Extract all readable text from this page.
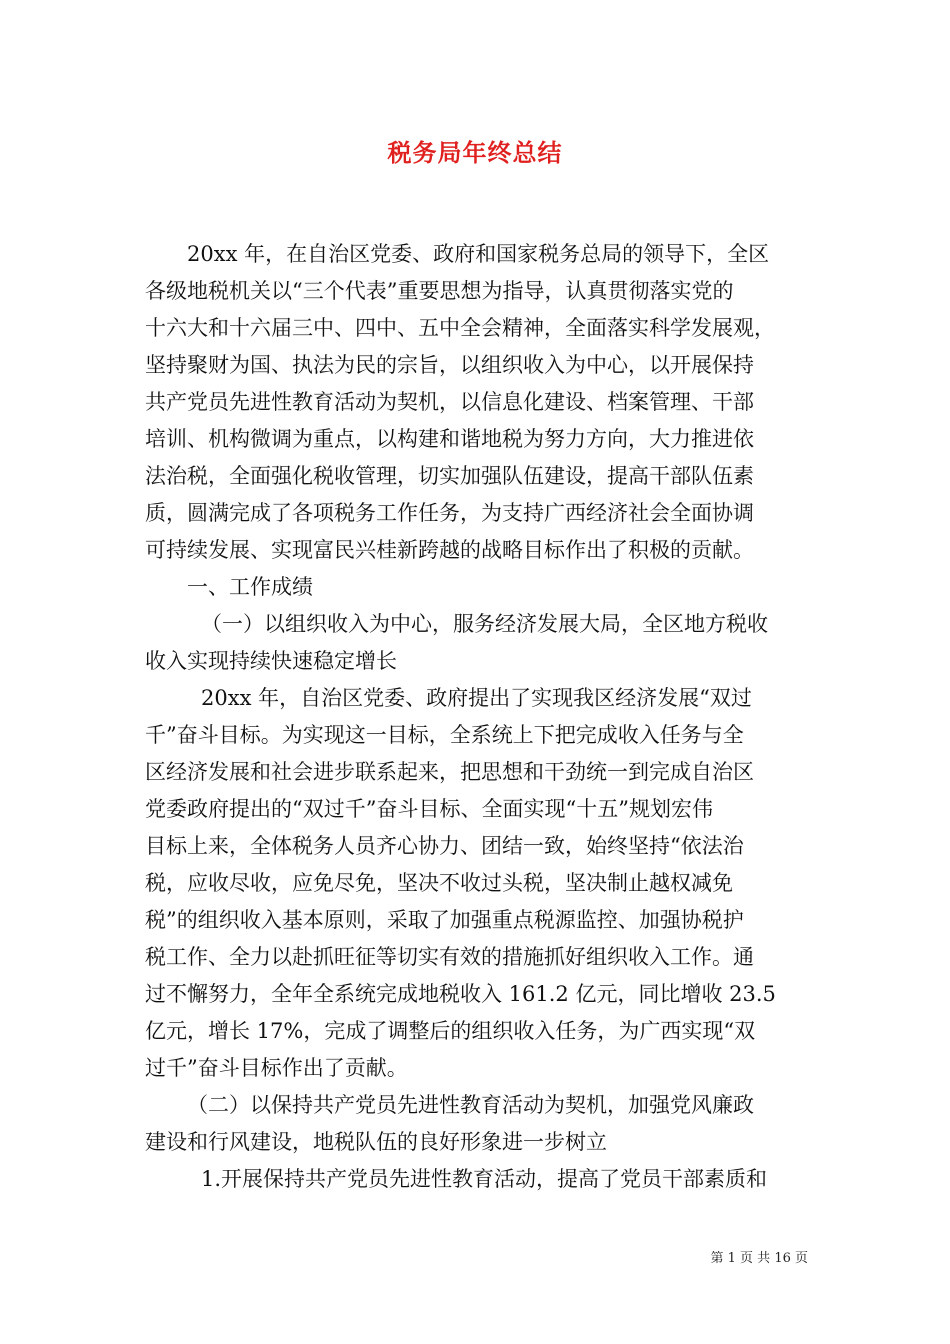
税务局年终总结
20xx 年，在自治区党委、政府和国家税务总局的领导下，全区
各级地税机关以“三个代表”重要思想为指导，认真贯彻落实党的
十六大和十六届三中、四中、五中全会精神，全面落实科学发展观，
坚持聚财为国、执法为民的宗旨，以组织收入为中心，以开展保持
共产党员先进性教育活动为契机，以信息化建设、档案管理、干部
培训、机构微调为重点，以构建和谐地税为努力方向，大力推进依
法治税，全面强化税收管理，切实加强队伍建设，提高干部队伍素
质，圆满完成了各项税务工作任务，为支持广西经济社会全面协调
可持续发展、实现富民兴桂新跨越的战略目标作出了积极的贡献。
一、工作成绩
（一）以组织收入为中心，服务经济发展大局，全区地方税收
收入实现持续快速稳定增长
20xx 年，自治区党委、政府提出了实现我区经济发展“双过
千”奋斗目标。为实现这一目标，全系统上下把完成收入任务与全
区经济发展和社会进步联系起来，把思想和干劲统一到完成自治区
党委政府提出的“双过千”奋斗目标、全面实现“十五”规划宏伟
目标上来，全体税务人员齐心协力、团结一致，始终坚持“依法治
税，应收尽收，应免尽免，坚决不收过头税，坚决制止越权减免
税”的组织收入基本原则，采取了加强重点税源监控、加强协税护
税工作、全力以赴抓旺征等切实有效的措施抓好组织收入工作。通
过不懈努力，全年全系统完成地税收入 161.2 亿元，同比增收 23.5
亿元，增长 17%，完成了调整后的组织收入任务，为广西实现“双
过千”奋斗目标作出了贡献。
（二）以保持共产党员先进性教育活动为契机，加强党风廉政
建设和行风建设，地税队伍的良好形象进一步树立
1.开展保持共产党员先进性教育活动，提高了党员干部素质和
第 1 页 共 16 页
